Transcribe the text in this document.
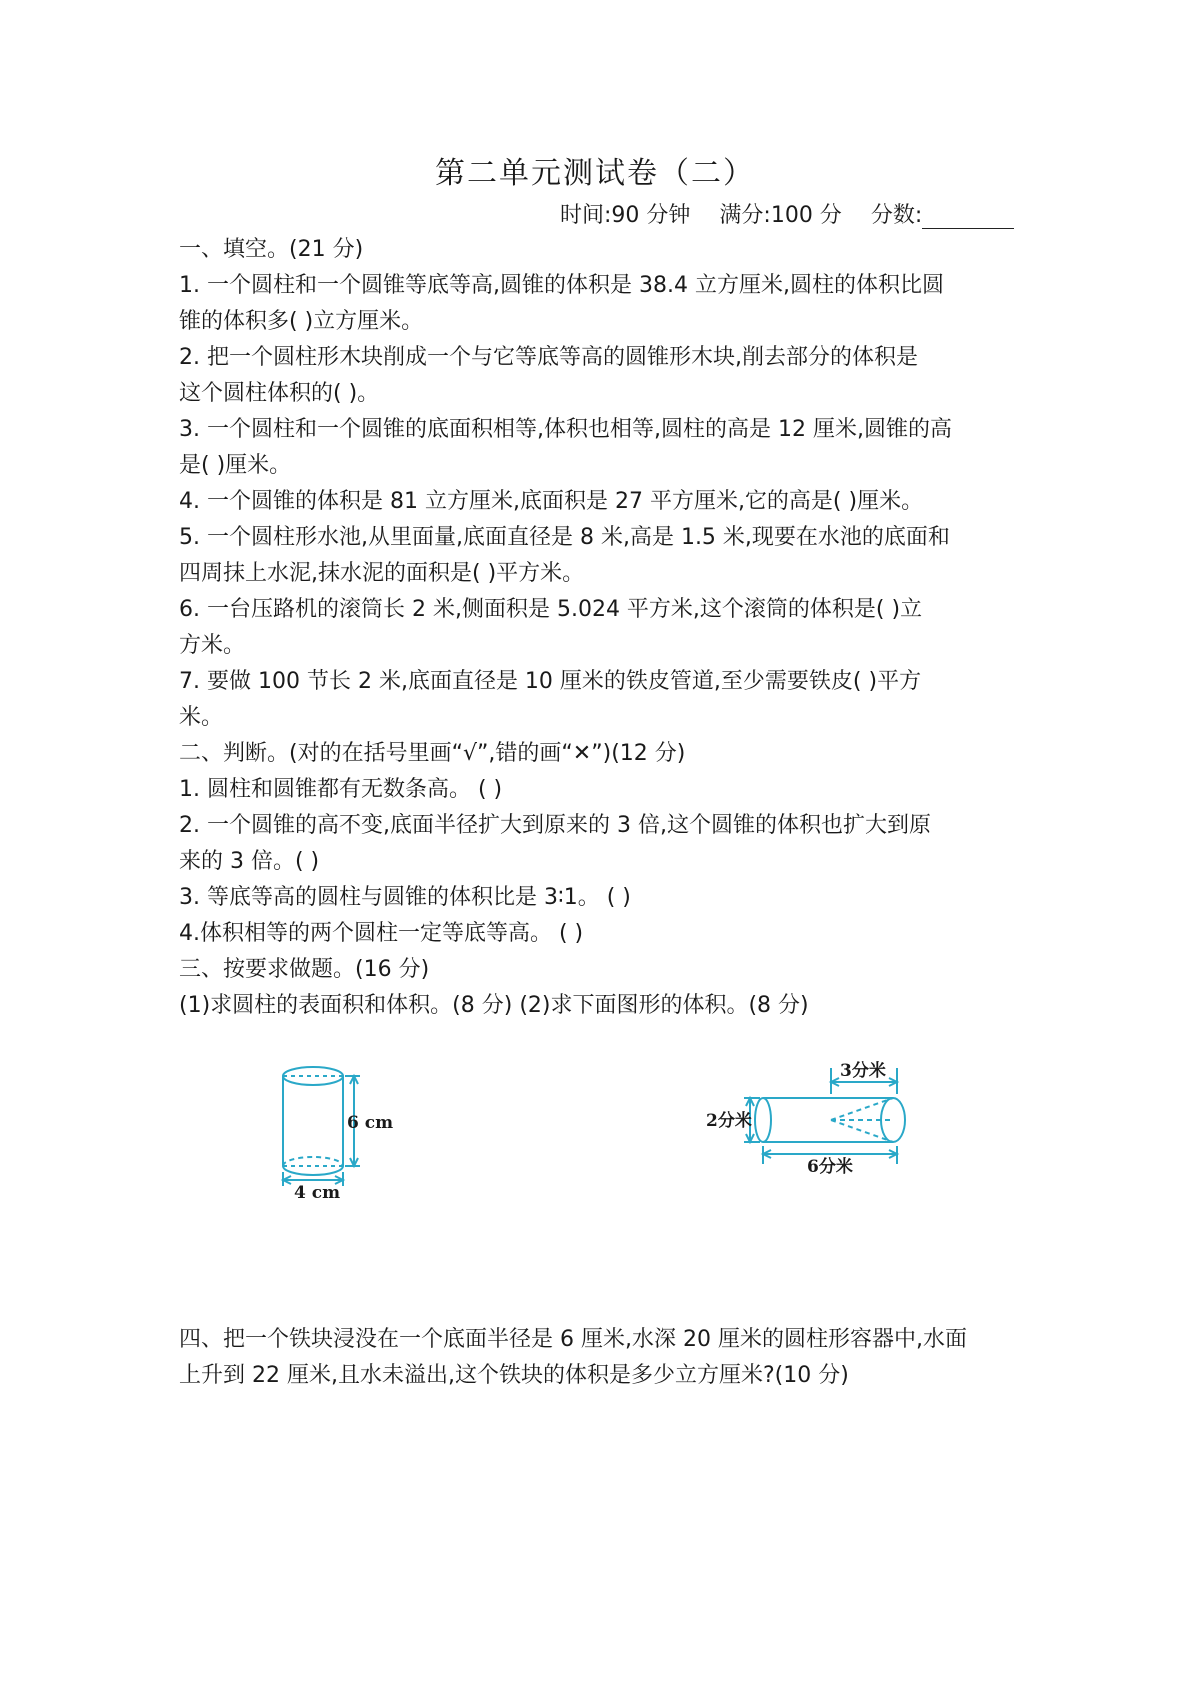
第二单元测试卷（二）
时间:90 分钟 满分:100 分 分数:
一、填空。(21 分)
1. 一个圆柱和一个圆锥等底等高,圆锥的体积是 38.4 立方厘米,圆柱的体积比圆
锥的体积多( )立方厘米。
2. 把一个圆柱形木块削成一个与它等底等高的圆锥形木块,削去部分的体积是
这个圆柱体积的( )。
3. 一个圆柱和一个圆锥的底面积相等,体积也相等,圆柱的高是 12 厘米,圆锥的高
是( )厘米。
4. 一个圆锥的体积是 81 立方厘米,底面积是 27 平方厘米,它的高是( )厘米。
5. 一个圆柱形水池,从里面量,底面直径是 8 米,高是 1.5 米,现要在水池的底面和
四周抹上水泥,抹水泥的面积是( )平方米。
6. 一台压路机的滚筒长 2 米,侧面积是 5.024 平方米,这个滚筒的体积是( )立
方米。
7. 要做 100 节长 2 米,底面直径是 10 厘米的铁皮管道,至少需要铁皮( )平方
米。
二、判断。(对的在括号里画“√”,错的画“✕”)(12 分)
1. 圆柱和圆锥都有无数条高。 ( )
2. 一个圆锥的高不变,底面半径扩大到原来的 3 倍,这个圆锥的体积也扩大到原
来的 3 倍。( )
3. 等底等高的圆柱与圆锥的体积比是 3∶1。 ( )
4.体积相等的两个圆柱一定等底等高。 ( )
三、按要求做题。(16 分)
(1)求圆柱的表面积和体积。(8 分) (2)求下面图形的体积。(8 分)
6 cm
4 cm
3分米
2分米
6分米
四、把一个铁块浸没在一个底面半径是 6 厘米,水深 20 厘米的圆柱形容器中,水面
上升到 22 厘米,且水未溢出,这个铁块的体积是多少立方厘米?(10 分)
